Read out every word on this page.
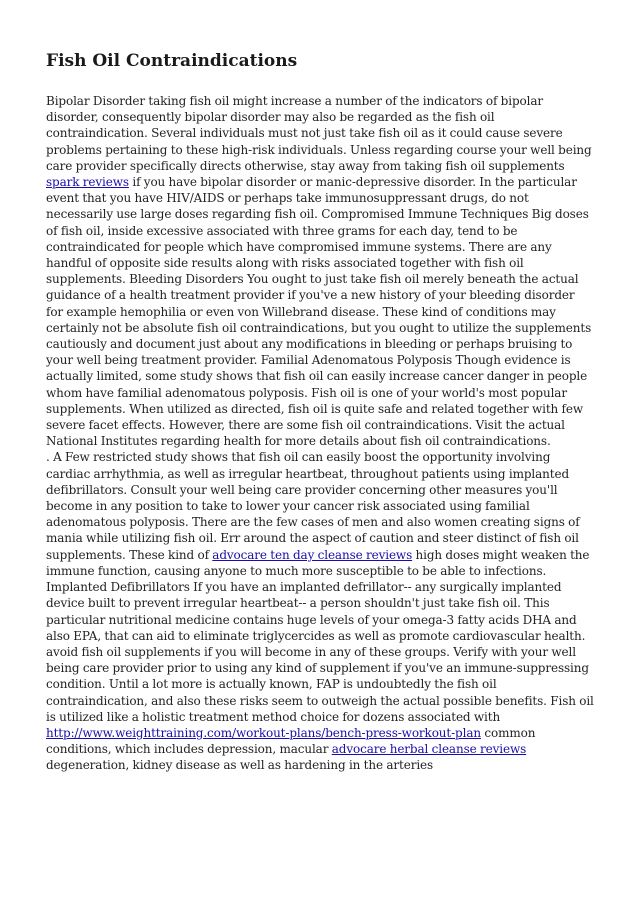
Fish Oil Contraindications

Bipolar Disorder taking fish oil might increase a number of the indicators of bipolar disorder, consequently bipolar disorder may also be regarded as the fish oil contraindication. Several individuals must not just take fish oil as it could cause severe problems pertaining to these high-risk individuals. Unless regarding course your well being care provider specifically directs otherwise, stay away from taking fish oil supplements spark reviews if you have bipolar disorder or manic-depressive disorder. In the particular event that you have HIV/AIDS or perhaps take immunosuppressant drugs, do not necessarily use large doses regarding fish oil. Compromised Immune Techniques Big doses of fish oil, inside excessive associated with three grams for each day, tend to be contraindicated for people which have compromised immune systems. There are any handful of opposite side results along with risks associated together with fish oil supplements. Bleeding Disorders You ought to just take fish oil merely beneath the actual guidance of a health treatment provider if you've a new history of your bleeding disorder for example hemophilia or even von Willebrand disease. These kind of conditions may certainly not be absolute fish oil contraindications, but you ought to utilize the supplements cautiously and document just about any modifications in bleeding or perhaps bruising to your well being treatment provider. Familial Adenomatous Polyposis Though evidence is actually limited, some study shows that fish oil can easily increase cancer danger in people whom have familial adenomatous polyposis. Fish oil is one of your world's most popular supplements. When utilized as directed, fish oil is quite safe and related together with few severe facet effects. However, there are some fish oil contraindications. Visit the actual National Institutes regarding health for more details about fish oil contraindications.
. A Few restricted study shows that fish oil can easily boost the opportunity involving cardiac arrhythmia, as well as irregular heartbeat, throughout patients using implanted defibrillators. Consult your well being care provider concerning other measures you'll become in any position to take to lower your cancer risk associated using familial adenomatous polyposis. There are the few cases of men and also women creating signs of mania while utilizing fish oil. Err around the aspect of caution and steer distinct of fish oil supplements. These kind of advocare ten day cleanse reviews high doses might weaken the immune function, causing anyone to much more susceptible to be able to infections. Implanted Defibrillators If you have an implanted defrillator-- any surgically implanted device built to prevent irregular heartbeat-- a person shouldn't just take fish oil. This particular nutritional medicine contains huge levels of your omega-3 fatty acids DHA and also EPA, that can aid to eliminate triglycercides as well as promote cardiovascular health. avoid fish oil supplements if you will become in any of these groups. Verify with your well being care provider prior to using any kind of supplement if you've an immune-suppressing condition. Until a lot more is actually known, FAP is undoubtedly the fish oil contraindication, and also these risks seem to outweigh the actual possible benefits. Fish oil is utilized like a holistic treatment method choice for dozens associated with http://www.weighttraining.com/workout-plans/bench-press-workout-plan common conditions, which includes depression, macular advocare herbal cleanse reviews degeneration, kidney disease as well as hardening in the arteries
